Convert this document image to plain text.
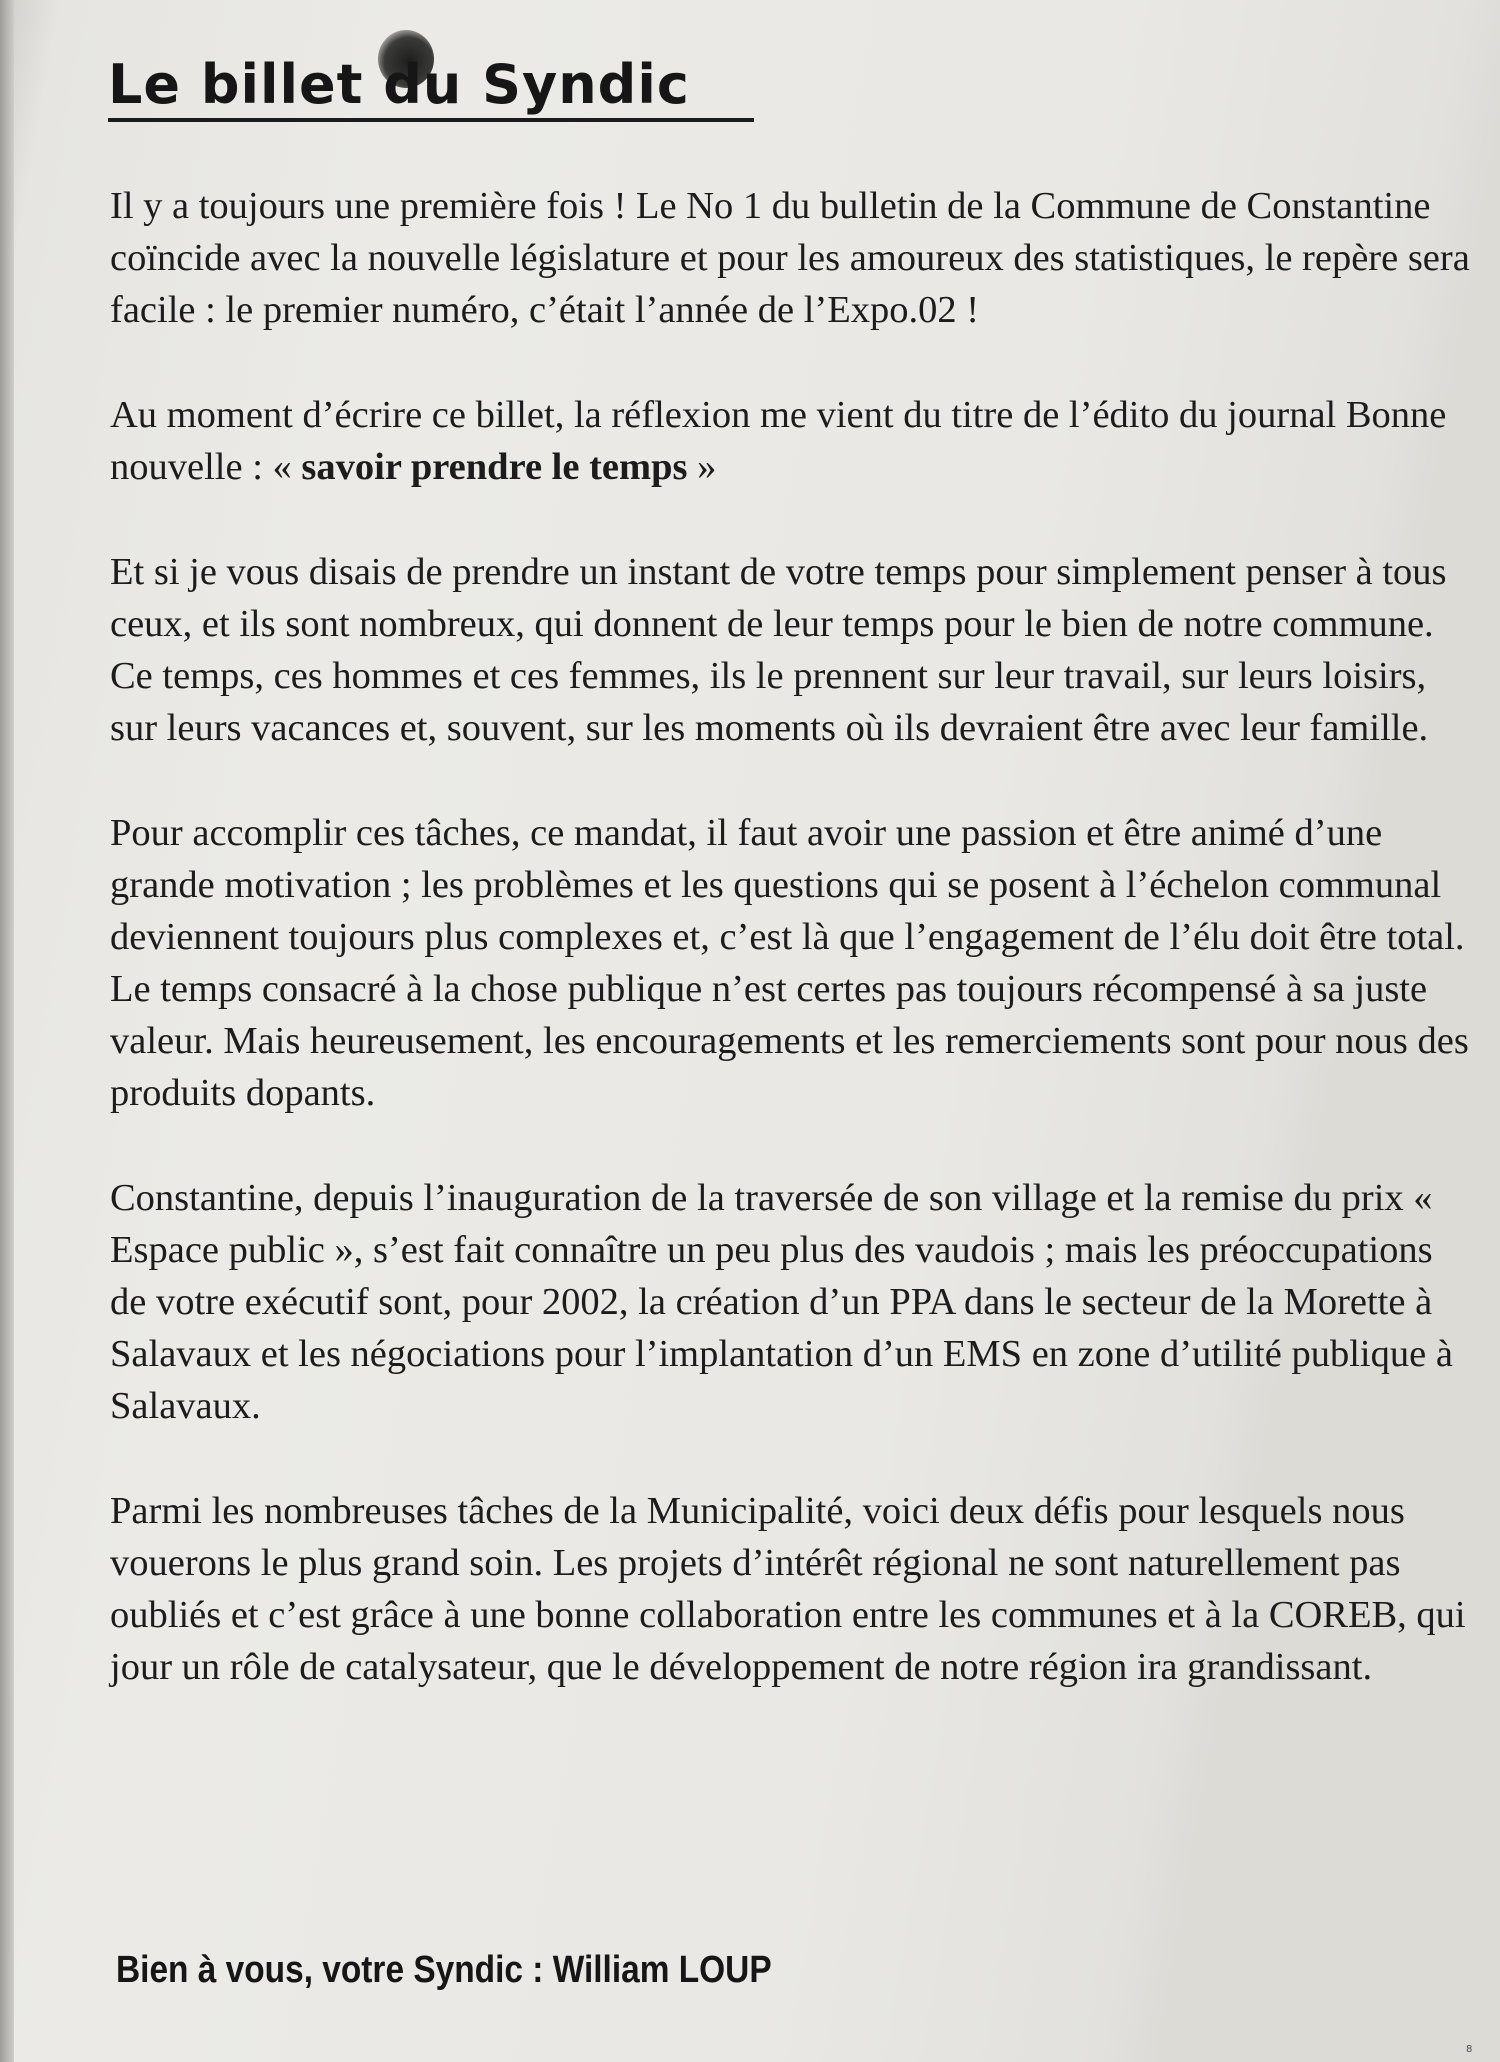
Le billet du Syndic

Il y a toujours une première fois ! Le No 1 du bulletin de la Commune de Constantine coïncide avec la nouvelle législature et pour les amoureux des statistiques, le repère sera facile : le premier numéro, c’était l’année de l’Expo.02 !

Au moment d’écrire ce billet, la réflexion me vient du titre de l’édito du journal Bonne nouvelle : « savoir prendre le temps »

Et si je vous disais de prendre un instant de votre temps pour simplement penser à tous ceux, et ils sont nombreux, qui donnent de leur temps pour le bien de notre commune. Ce temps, ces hommes et ces femmes, ils le prennent sur leur travail, sur leurs loisirs, sur leurs vacances et, souvent, sur les moments où ils devraient être avec leur famille.

Pour accomplir ces tâches, ce mandat, il faut avoir une passion et être animé d’une grande motivation ; les problèmes et les questions qui se posent à l’échelon communal deviennent toujours plus complexes et, c’est là que l’engagement de l’élu doit être total. Le temps consacré à la chose publique n’est certes pas toujours récompensé à sa juste valeur. Mais heureusement, les encouragements et les remerciements sont pour nous des produits dopants.

Constantine, depuis l’inauguration de la traversée de son village et la remise du prix « Espace public », s’est fait connaître un peu plus des vaudois ; mais les préoccupations de votre exécutif sont, pour 2002, la création d’un PPA dans le secteur de la Morette à Salavaux et les négociations pour l’implantation d’un EMS en zone d’utilité publique à Salavaux.

Parmi les nombreuses tâches de la Municipalité, voici deux défis pour lesquels nous vouerons le plus grand soin. Les projets d’intérêt régional ne sont naturellement pas oubliés et c’est grâce à une bonne collaboration entre les communes et à la COREB, qui jour un rôle de catalysateur, que le développement de notre région ira grandissant.

Bien à vous, votre Syndic : William LOUP
8
